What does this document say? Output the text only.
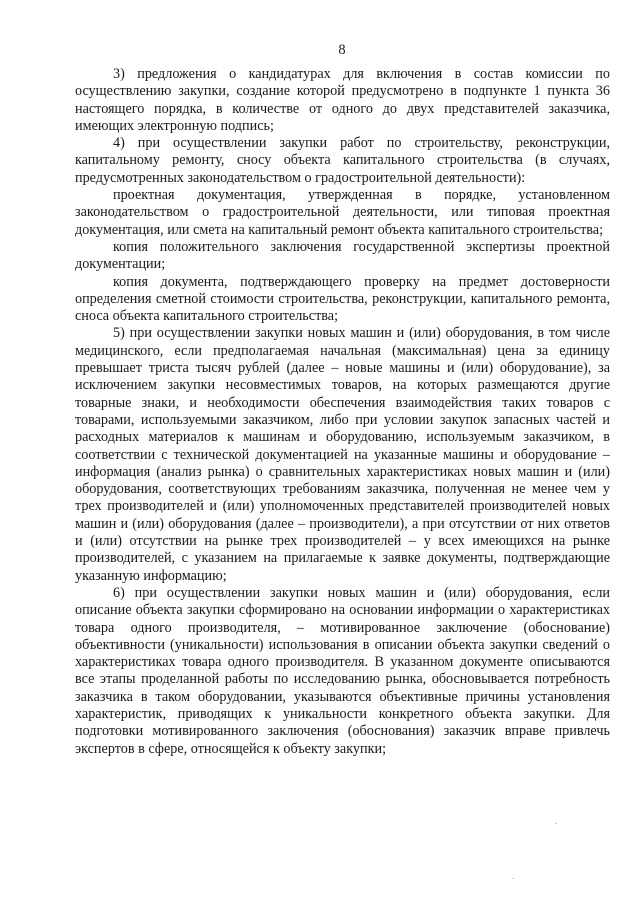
8

3) предложения о кандидатурах для включения в состав комиссии по осуществлению закупки, создание которой предусмотрено в подпункте 1 пункта 36 настоящего порядка, в количестве от одного до двух представителей заказчика, имеющих электронную подпись;

4) при осуществлении закупки работ по строительству, реконструкции, капитальному ремонту, сносу объекта капитального строительства (в случаях, предусмотренных законодательством о градостроительной деятельности):

проектная документация, утвержденная в порядке, установленном законодательством о градостроительной деятельности, или типовая проектная документация, или смета на капитальный ремонт объекта капитального строительства;

копия положительного заключения государственной экспертизы проектной документации;

копия документа, подтверждающего проверку на предмет достоверности определения сметной стоимости строительства, реконструкции, капитального ремонта, сноса объекта капитального строительства;

5) при осуществлении закупки новых машин и (или) оборудования, в том числе медицинского, если предполагаемая начальная (максимальная) цена за единицу превышает триста тысяч рублей (далее – новые машины и (или) оборудование), за исключением закупки несовместимых товаров, на которых размещаются другие товарные знаки, и необходимости обеспечения взаимодействия таких товаров с товарами, используемыми заказчиком, либо при условии закупок запасных частей и расходных материалов к машинам и оборудованию, используемым заказчиком, в соответствии с технической документацией на указанные машины и оборудование – информация (анализ рынка) о сравнительных характеристиках новых машин и (или) оборудования, соответствующих требованиям заказчика, полученная не менее чем у трех производителей и (или) уполномоченных представителей производителей новых машин и (или) оборудования (далее – производители), а при отсутствии от них ответов и (или) отсутствии на рынке трех производителей – у всех имеющихся на рынке производителей, с указанием на прилагаемые к заявке документы, подтверждающие указанную информацию;

6) при осуществлении закупки новых машин и (или) оборудования, если описание объекта закупки сформировано на основании информации о характеристиках товара одного производителя, – мотивированное заключение (обоснование) объективности (уникальности) использования в описании объекта закупки сведений о характеристиках товара одного производителя. В указанном документе описываются все этапы проделанной работы по исследованию рынка, обосновывается потребность заказчика в таком оборудовании, указываются объективные причины установления характеристик, приводящих к уникальности конкретного объекта закупки. Для подготовки мотивированного заключения (обоснования) заказчик вправе привлечь экспертов в сфере, относящейся к объекту закупки;
